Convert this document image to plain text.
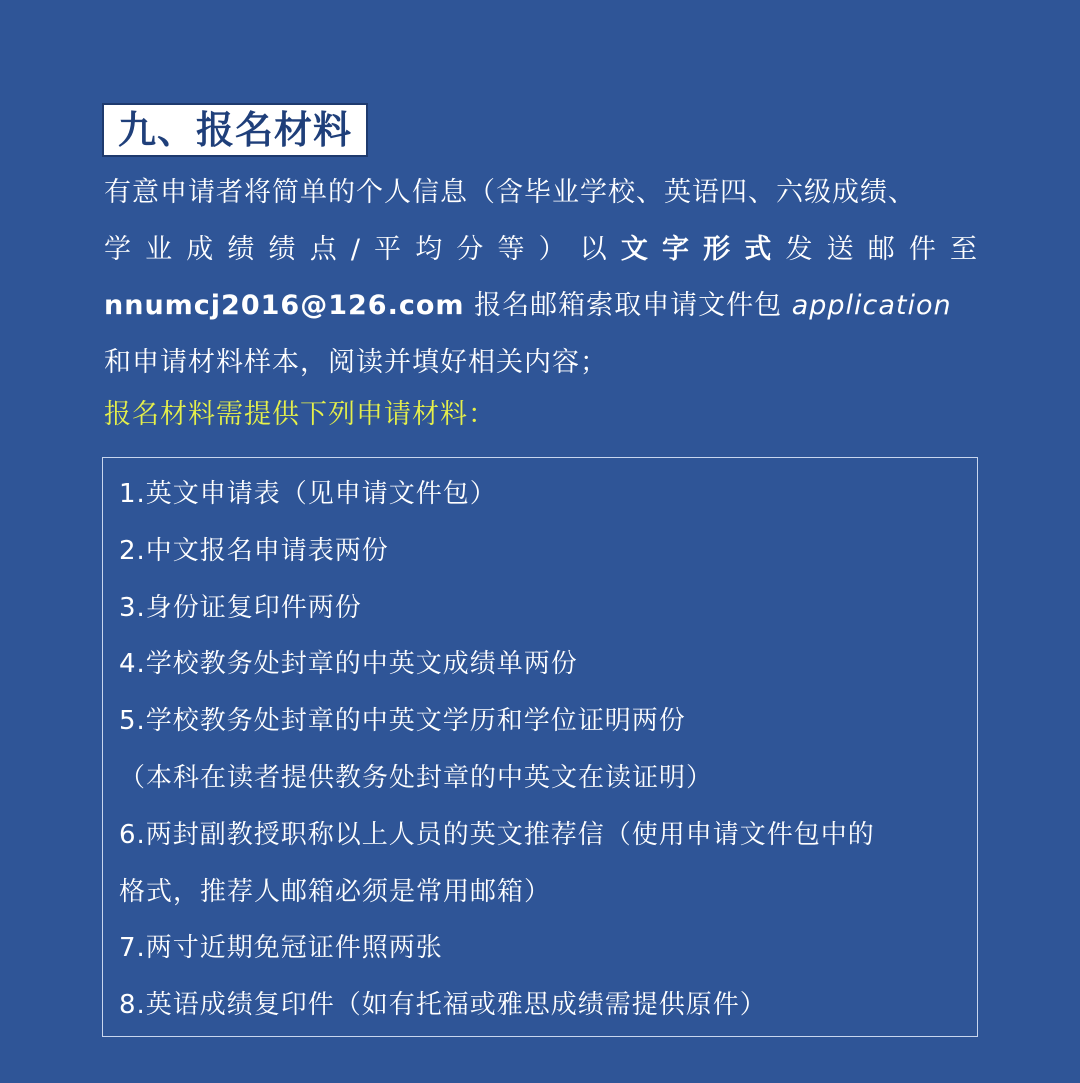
九、报名材料
有意申请者将简单的个人信息（含毕业学校、英语四、六级成绩、
学业成绩绩点/平均分等）以文字形式发送邮件至
nnumcj2016@126.com 报名邮箱索取申请文件包 application
和申请材料样本，阅读并填好相关内容；
报名材料需提供下列申请材料：
1.英文申请表（见申请文件包）
2.中文报名申请表两份
3.身份证复印件两份
4.学校教务处封章的中英文成绩单两份
5.学校教务处封章的中英文学历和学位证明两份
（本科在读者提供教务处封章的中英文在读证明）
6.两封副教授职称以上人员的英文推荐信（使用申请文件包中的
格式，推荐人邮箱必须是常用邮箱）
7.两寸近期免冠证件照两张
8.英语成绩复印件（如有托福或雅思成绩需提供原件）
